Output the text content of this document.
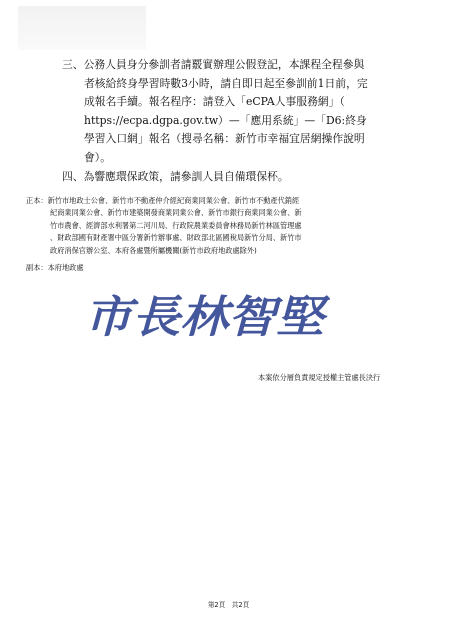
三、公務人員身分參訓者請覈實辦理公假登記，本課程全程參與
者核給終身學習時數3小時，請自即日起至參訓前1日前，完
成報名手續。報名程序：請登入「eCPA人事服務網」（
https://ecpa.dgpa.gov.tw）—「應用系統」—「D6:終身
學習入口網」報名（搜尋名稱：新竹市幸福宜居網操作說明
會）。
四、為響應環保政策，請參訓人員自備環保杯。
正本：新竹市地政士公會、新竹市不動產仲介經紀商業同業公會、新竹市不動產代銷經
紀商業同業公會、新竹市建築開發商業同業公會、新竹市銀行商業同業公會、新
竹市農會、經濟部水利署第二河川局、行政院農業委員會林務局新竹林區管理處
、財政部國有財產署中區分署新竹辦事處、財政部北區國稅局新竹分局、新竹市
政府消保官辦公室、本府各處暨所屬機關(新竹市政府地政處除外)
副本：本府地政處
市長林智堅
本案依分層負責規定授權主管處長決行
第2頁　共2頁
